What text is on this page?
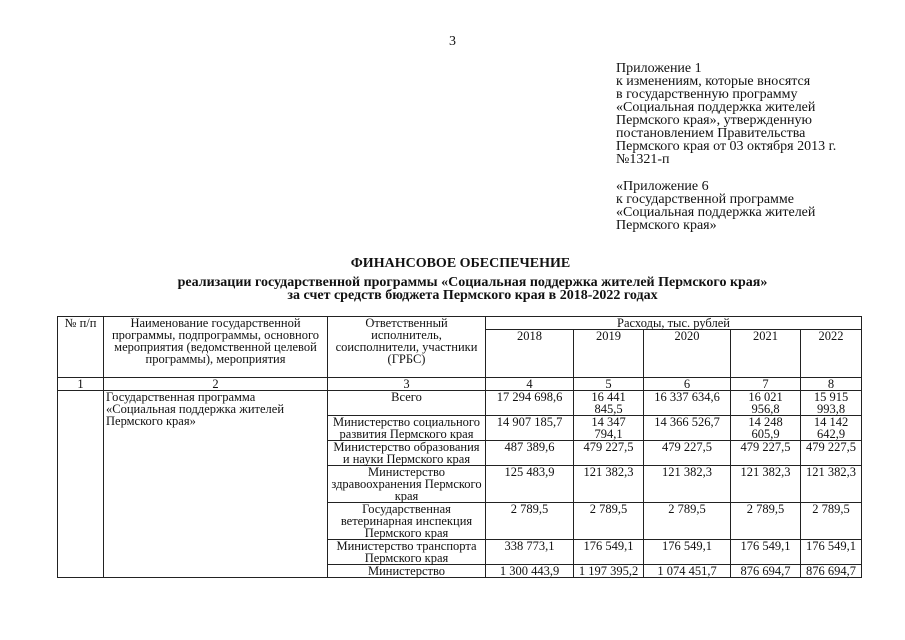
3
Приложение 1
к изменениям, которые вносятся
в государственную программу
«Социальная поддержка жителей
Пермского края», утвержденную
постановлением Правительства
Пермского края от 03 октября 2013 г.
№1321-п
«Приложение 6
к государственной программе
«Социальная поддержка жителей
Пермского края»
ФИНАНСОВОЕ ОБЕСПЕЧЕНИЕ
реализации государственной программы «Социальная поддержка жителей Пермского края»
за счет средств бюджета Пермского края в 2018-2022 годах
№ п/п	Наименование государственной программы, подпрограммы, основного мероприятия (ведомственной целевой программы), мероприятия	Ответственный исполнитель, соисполнители, участники (ГРБС)	Расходы, тыс. рублей				
			2018	2019	2020	2021	2022
1	2	3	4	5	6	7	8
	Государственная программа «Социальная поддержка жителей Пермского края»	Всего	17 294 698,6	16 441 845,5	16 337 634,6	16 021 956,8	15 915 993,8
		Министерство социального развития Пермского края	14 907 185,7	14 347 794,1	14 366 526,7	14 248 605,9	14 142 642,9
		Министерство образования и науки Пермского края	487 389,6	479 227,5	479 227,5	479 227,5	479 227,5
		Министерство здравоохранения Пермского края	125 483,9	121 382,3	121 382,3	121 382,3	121 382,3
		Государственная ветеринарная инспекция Пермского края	2 789,5	2 789,5	2 789,5	2 789,5	2 789,5
		Министерство транспорта Пермского края	338 773,1	176 549,1	176 549,1	176 549,1	176 549,1
		Министерство	1 300 443,9	1 197 395,2	1 074 451,7	876 694,7	876 694,7
